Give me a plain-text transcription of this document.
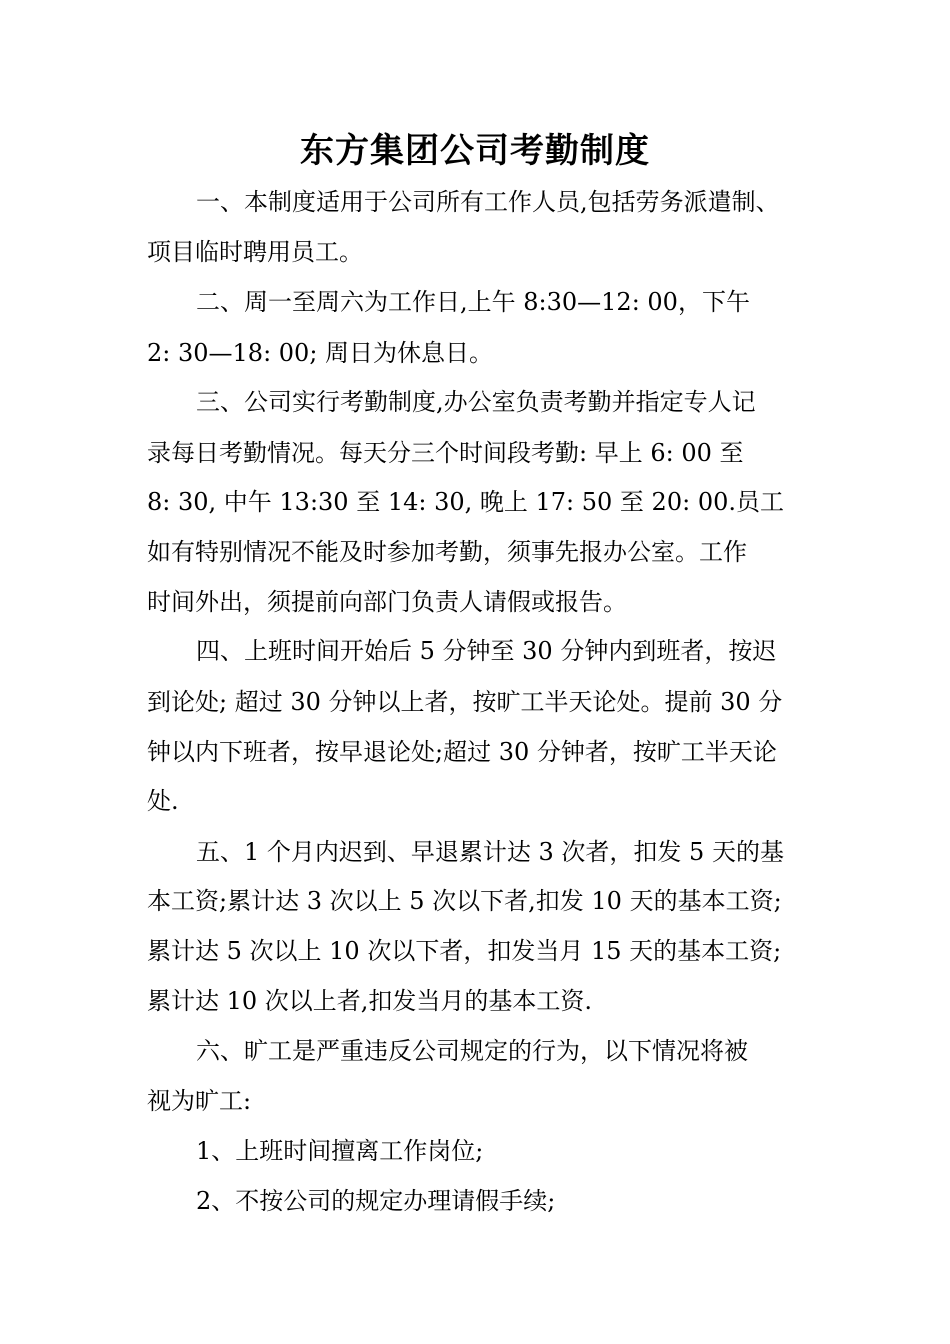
东方集团公司考勤制度
一、本制度适用于公司所有工作人员,包括劳务派遣制、
项目临时聘用员工。
二、周一至周六为工作日,上午 8:30—12: 00，下午
2: 30—18: 00; 周日为休息日。
三、公司实行考勤制度,办公室负责考勤并指定专人记
录每日考勤情况。每天分三个时间段考勤: 早上 6: 00 至
8: 30, 中午 13:30 至 14: 30, 晚上 17: 50 至 20: 00.员工
如有特别情况不能及时参加考勤，须事先报办公室。工作
时间外出，须提前向部门负责人请假或报告。
四、上班时间开始后 5 分钟至 30 分钟内到班者，按迟
到论处; 超过 30 分钟以上者，按旷工半天论处。提前 30 分
钟以内下班者，按早退论处;超过 30 分钟者，按旷工半天论
处.
五、1 个月内迟到、早退累计达 3 次者，扣发 5 天的基
本工资;累计达 3 次以上 5 次以下者,扣发 10 天的基本工资;
累计达 5 次以上 10 次以下者，扣发当月 15 天的基本工资;
累计达 10 次以上者,扣发当月的基本工资.
六、旷工是严重违反公司规定的行为，以下情况将被
视为旷工:
1、上班时间擅离工作岗位;
2、不按公司的规定办理请假手续;
